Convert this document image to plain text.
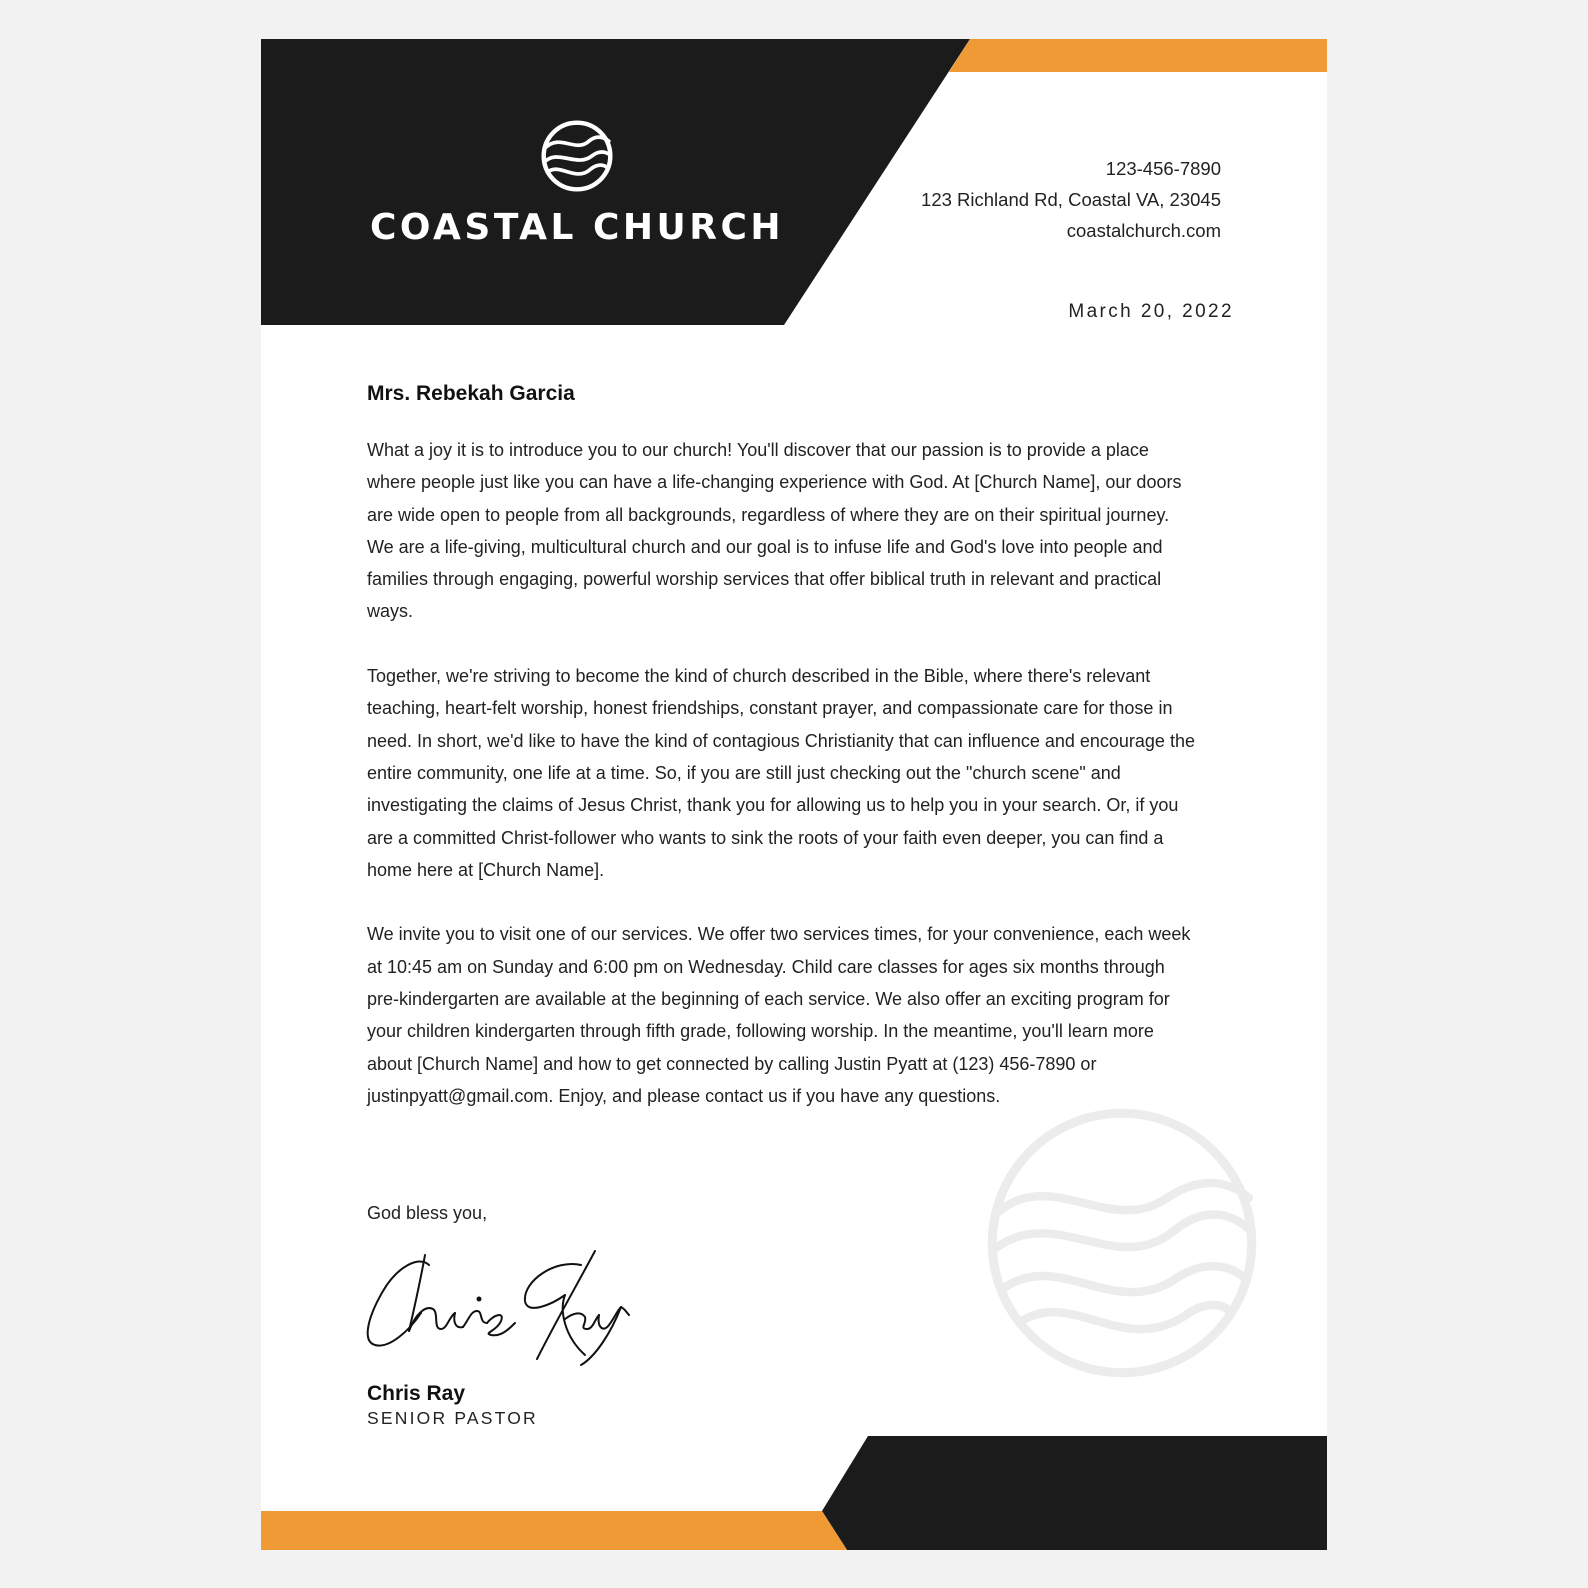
COASTAL CHURCH
123-456-7890
123 Richland Rd, Coastal VA, 23045
coastalchurch.com
March 20, 2022
Mrs. Rebekah Garcia

What a joy it is to introduce you to our church! You'll discover that our passion is to provide a place where people just like you can have a life-changing experience with God. At [Church Name], our doors are wide open to people from all backgrounds, regardless of where they are on their spiritual journey. We are a life-giving, multicultural church and our goal is to infuse life and God's love into people and families through engaging, powerful worship services that offer biblical truth in relevant and practical ways.

Together, we're striving to become the kind of church described in the Bible, where there's relevant teaching, heart-felt worship, honest friendships, constant prayer, and compassionate care for those in need. In short, we'd like to have the kind of contagious Christianity that can influence and encourage the entire community, one life at a time. So, if you are still just checking out the "church scene" and investigating the claims of Jesus Christ, thank you for allowing us to help you in your search. Or, if you are a committed Christ-follower who wants to sink the roots of your faith even deeper, you can find a home here at [Church Name].

We invite you to visit one of our services. We offer two services times, for your convenience, each week at 10:45 am on Sunday and 6:00 pm on Wednesday. Child care classes for ages six months through pre-kindergarten are available at the beginning of each service. We also offer an exciting program for your children kindergarten through fifth grade, following worship. In the meantime, you'll learn more about [Church Name] and how to get connected by calling Justin Pyatt at (123) 456-7890 or justinpyatt@gmail.com. Enjoy, and please contact us if you have any questions.

God bless you,
Chris Ray
SENIOR PASTOR
